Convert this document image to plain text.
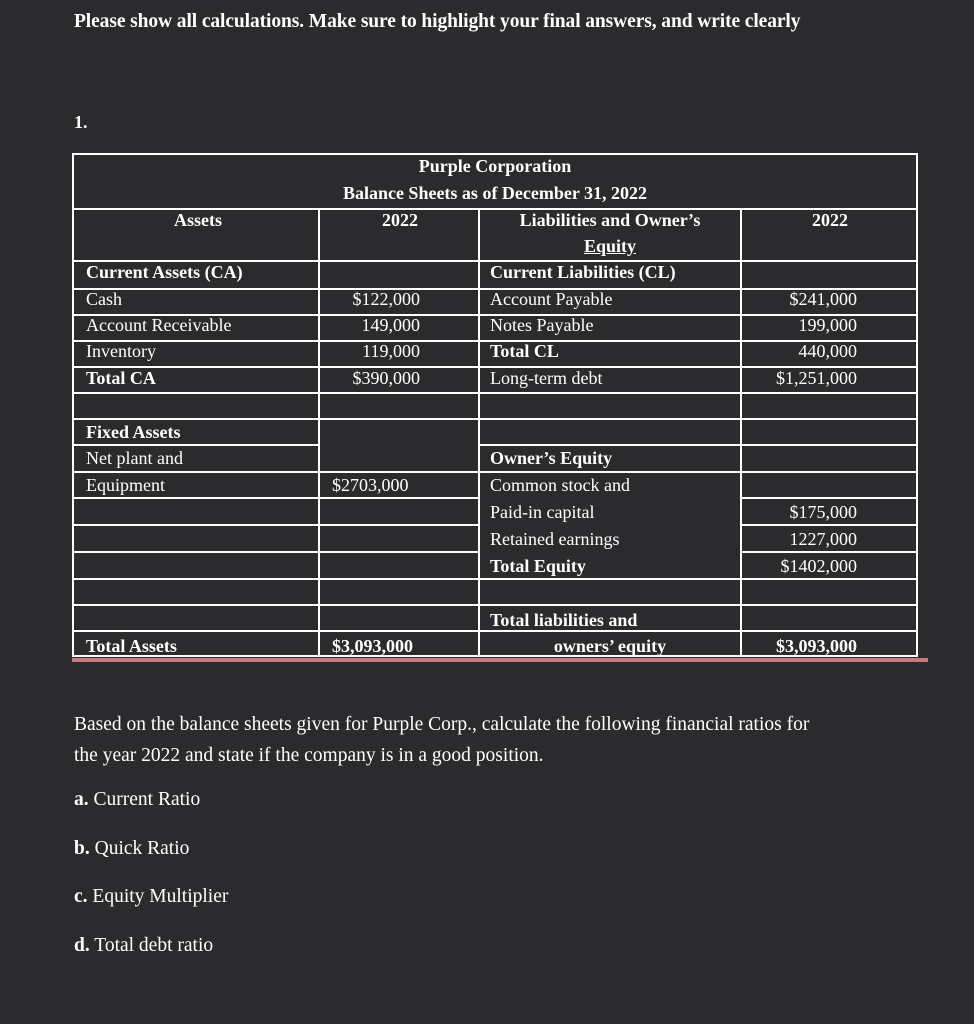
Please show all calculations. Make sure to highlight your final answers, and write clearly
1.
Purple Corporation
Balance Sheets as of December 31, 2022
Assets	2022	Liabilities and Owner’s
Equity
2022
Current Assets (CA)
Cash
Account Receivable
Inventory
Total CA
Fixed Assets
Net plant and
Equipment
Total Assets
$122,000
149,000
119,000
$390,000
$2703,000
$3,093,000
Current Liabilities (CL)
Account Payable
Notes Payable
Total CL
Long-term debt
Owner’s Equity
Common stock and
Paid-in capital
Retained earnings
Total Equity
Total liabilities and
owners’ equity
$241,000
199,000
440,000
$1,251,000
$175,000
1227,000
$1402,000
$3,093,000
Based on the balance sheets given for Purple Corp., calculate the following financial ratios for
the year 2022 and state if the company is in a good position.
a. Current Ratio
b. Quick Ratio
c. Equity Multiplier
d. Total debt ratio
